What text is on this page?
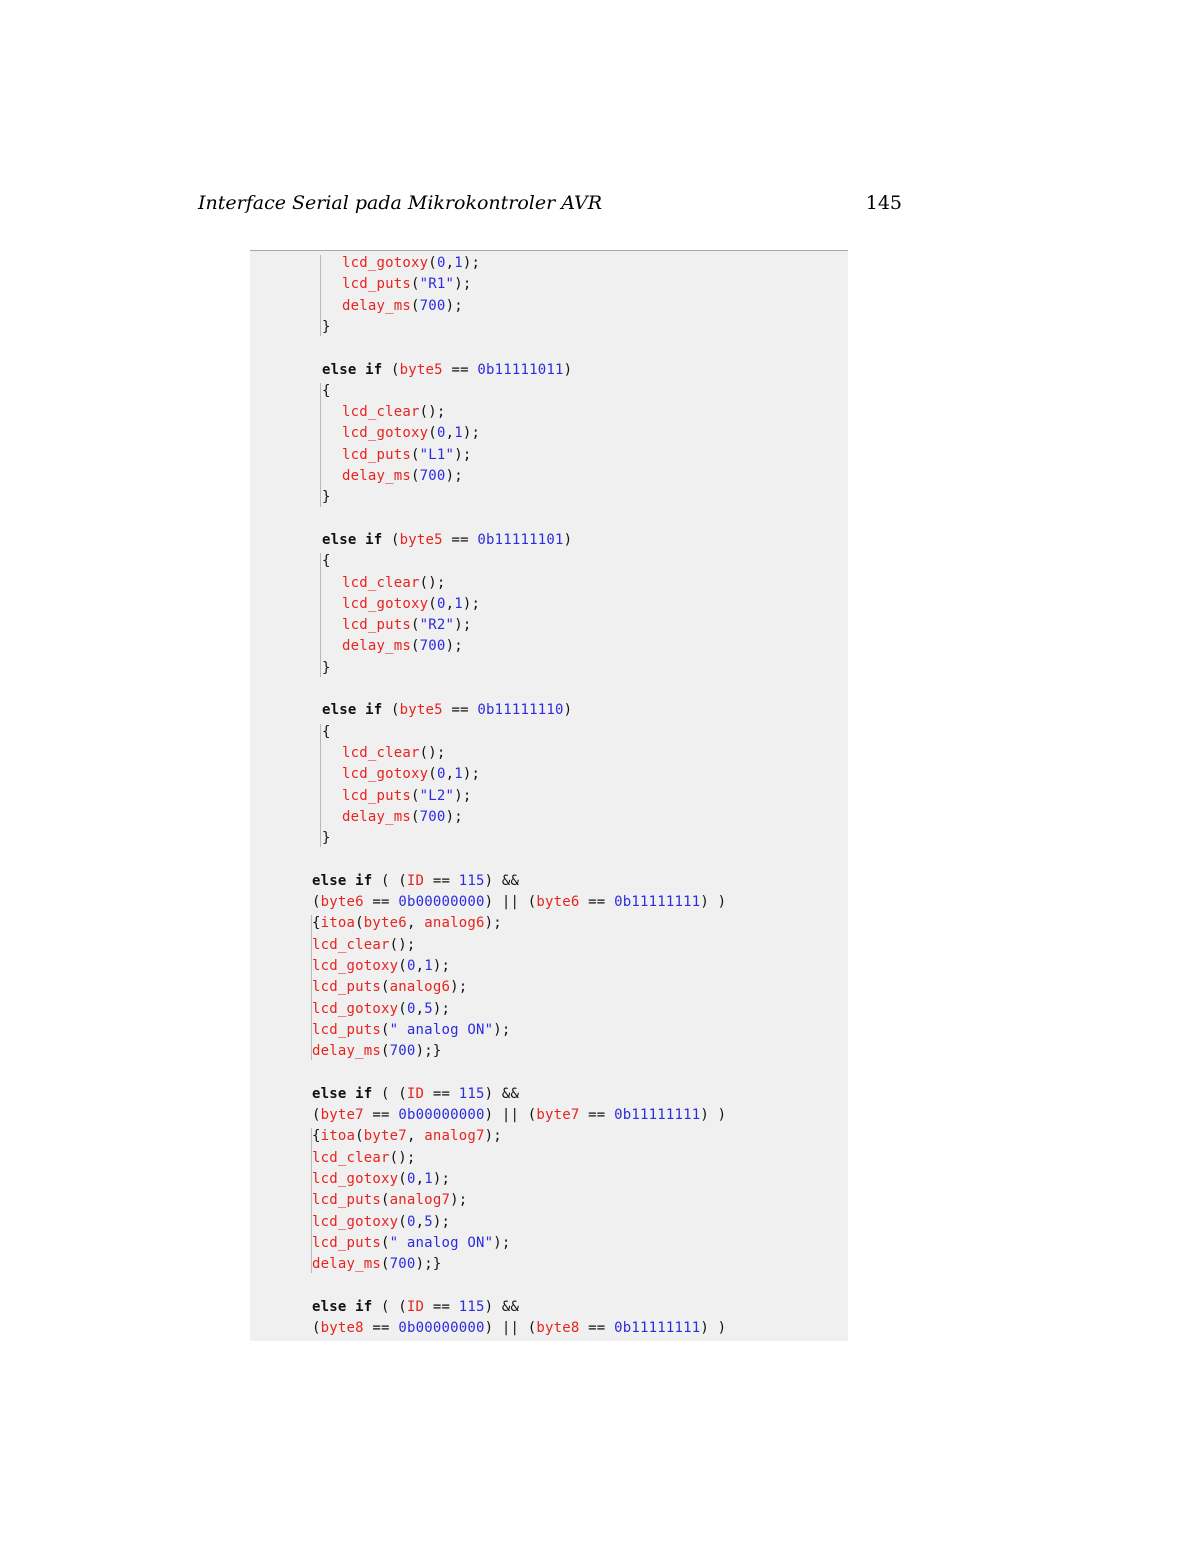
Interface Serial pada Mikrokontroler AVR	145
lcd_gotoxy(0,1);
lcd_puts("R1");
delay_ms(700);
}
else if (byte5 == 0b11111011)
{
lcd_clear();
lcd_gotoxy(0,1);
lcd_puts("L1");
delay_ms(700);
}
else if (byte5 == 0b11111101)
{
lcd_clear();
lcd_gotoxy(0,1);
lcd_puts("R2");
delay_ms(700);
}
else if (byte5 == 0b11111110)
{
lcd_clear();
lcd_gotoxy(0,1);
lcd_puts("L2");
delay_ms(700);
}
else if ( (ID == 115) &&
(byte6 == 0b00000000) || (byte6 == 0b11111111) )
{itoa(byte6, analog6);
lcd_clear();
lcd_gotoxy(0,1);
lcd_puts(analog6);
lcd_gotoxy(0,5);
lcd_puts(" analog ON");
delay_ms(700);}
else if ( (ID == 115) &&
(byte7 == 0b00000000) || (byte7 == 0b11111111) )
{itoa(byte7, analog7);
lcd_clear();
lcd_gotoxy(0,1);
lcd_puts(analog7);
lcd_gotoxy(0,5);
lcd_puts(" analog ON");
delay_ms(700);}
else if ( (ID == 115) &&
(byte8 == 0b00000000) || (byte8 == 0b11111111) )
